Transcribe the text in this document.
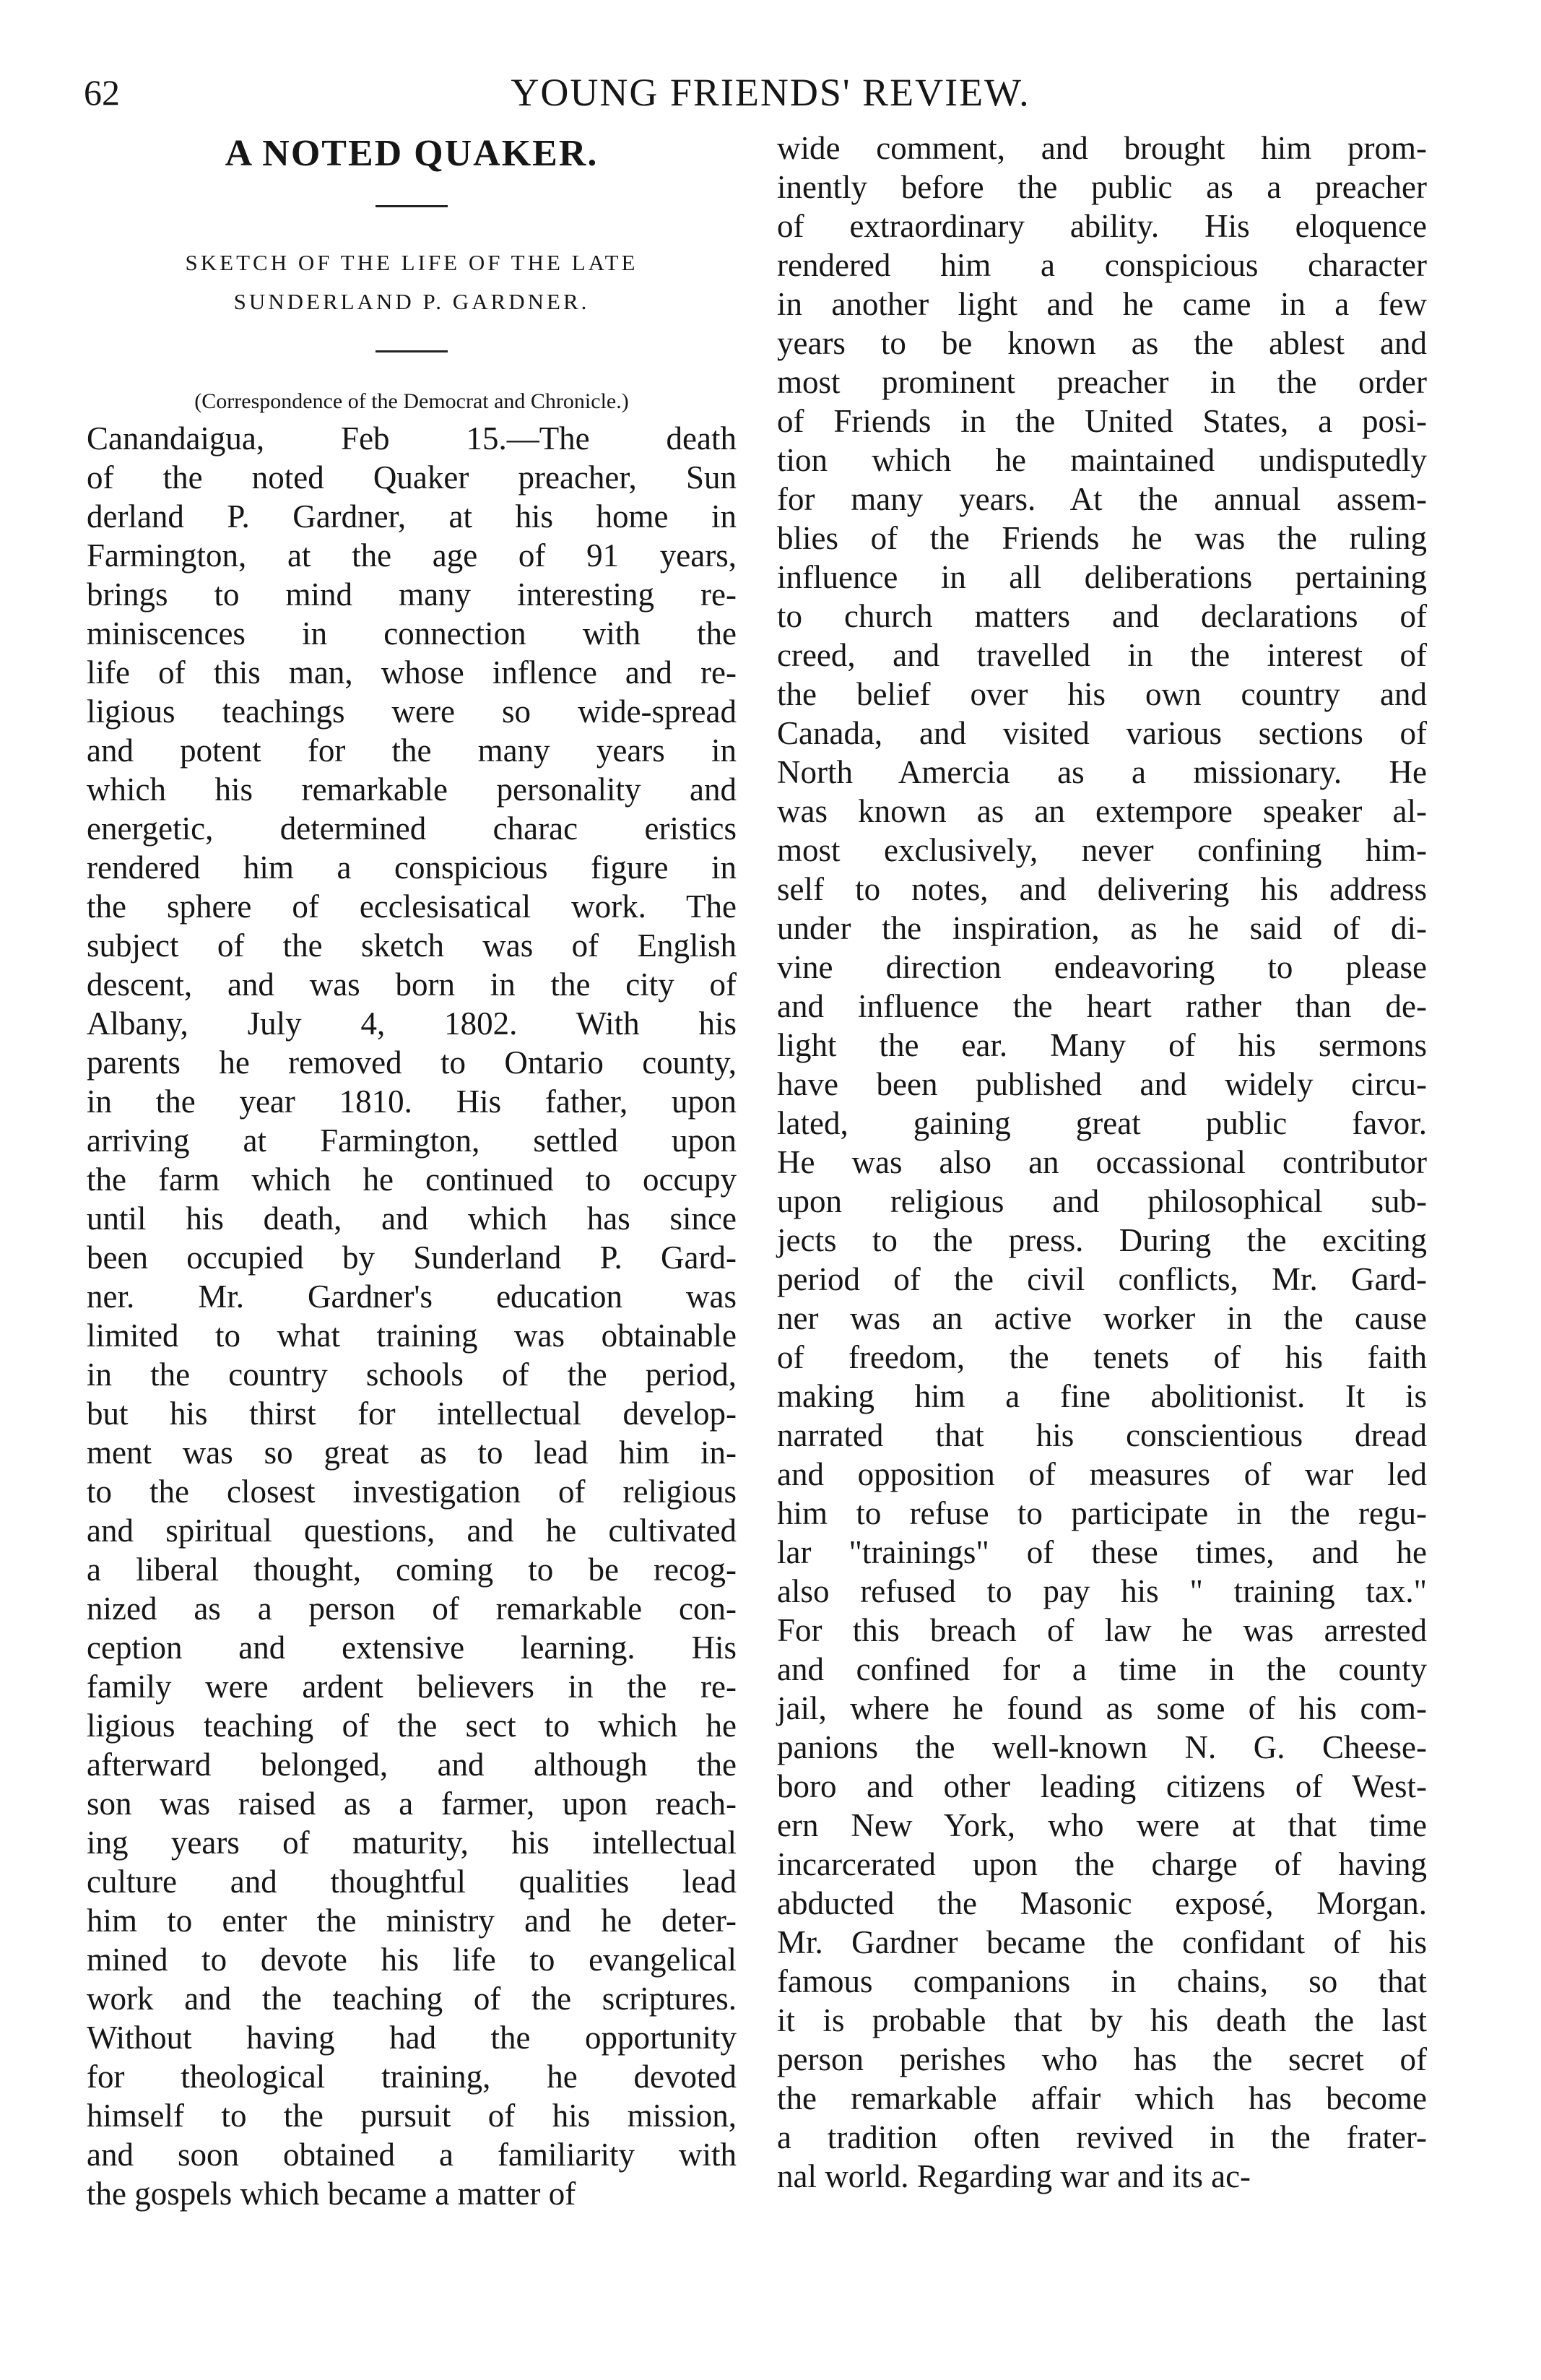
62	YOUNG FRIENDS' REVIEW.
A NOTED QUAKER.

SKETCH OF THE LIFE OF THE LATE

SUNDERLAND P. GARDNER.

(Correspondence of the Democrat and Chronicle.)

Canandaigua, Feb 15.—The death
of the noted Quaker preacher, Sun
derland P. Gardner, at his home in
Farmington, at the age of 91 years,
brings to mind many interesting re-
miniscences in connection with the
life of this man, whose inflence and re-
ligious teachings were so wide-spread
and potent for the many years in
which his remarkable personality and
energetic, determined charac eristics
rendered him a conspicious figure in
the sphere of ecclesisatical work. The
subject of the sketch was of English
descent, and was born in the city of
Albany, July 4, 1802. With his
parents he removed to Ontario county,
in the year 1810. His father, upon
arriving at Farmington, settled upon
the farm which he continued to occupy
until his death, and which has since
been occupied by Sunderland P. Gard-
ner. Mr. Gardner's education was
limited to what training was obtainable
in the country schools of the period,
but his thirst for intellectual develop-
ment was so great as to lead him in-
to the closest investigation of religious
and spiritual questions, and he cultivated
a liberal thought, coming to be recog-
nized as a person of remarkable con-
ception and extensive learning. His
family were ardent believers in the re-
ligious teaching of the sect to which he
afterward belonged, and although the
son was raised as a farmer, upon reach-
ing years of maturity, his intellectual
culture and thoughtful qualities lead
him to enter the ministry and he deter-
mined to devote his life to evangelical
work and the teaching of the scriptures.
Without having had the opportunity
for theological training, he devoted
himself to the pursuit of his mission,
and soon obtained a familiarity with
the gospels which became a matter of
wide comment, and brought him prom-
inently before the public as a preacher
of extraordinary ability. His eloquence
rendered him a conspicious character
in another light and he came in a few
years to be known as the ablest and
most prominent preacher in the order
of Friends in the United States, a posi-
tion which he maintained undisputedly
for many years. At the annual assem-
blies of the Friends he was the ruling
influence in all deliberations pertaining
to church matters and declarations of
creed, and travelled in the interest of
the belief over his own country and
Canada, and visited various sections of
North Amercia as a missionary. He
was known as an extempore speaker al-
most exclusively, never confining him-
self to notes, and delivering his address
under the inspiration, as he said of di-
vine direction endeavoring to please
and influence the heart rather than de-
light the ear. Many of his sermons
have been published and widely circu-
lated, gaining great public favor.
He was also an occassional contributor
upon religious and philosophical sub-
jects to the press. During the exciting
period of the civil conflicts, Mr. Gard-
ner was an active worker in the cause
of freedom, the tenets of his faith
making him a fine abolitionist. It is
narrated that his conscientious dread
and opposition of measures of war led
him to refuse to participate in the regu-
lar "trainings" of these times, and he
also refused to pay his " training tax."
For this breach of law he was arrested
and confined for a time in the county
jail, where he found as some of his com-
panions the well-known N. G. Cheese-
boro and other leading citizens of West-
ern New York, who were at that time
incarcerated upon the charge of having
abducted the Masonic exposé, Morgan.
Mr. Gardner became the confidant of his
famous companions in chains, so that
it is probable that by his death the last
person perishes who has the secret of
the remarkable affair which has become
a tradition often revived in the frater-
nal world. Regarding war and its ac-
